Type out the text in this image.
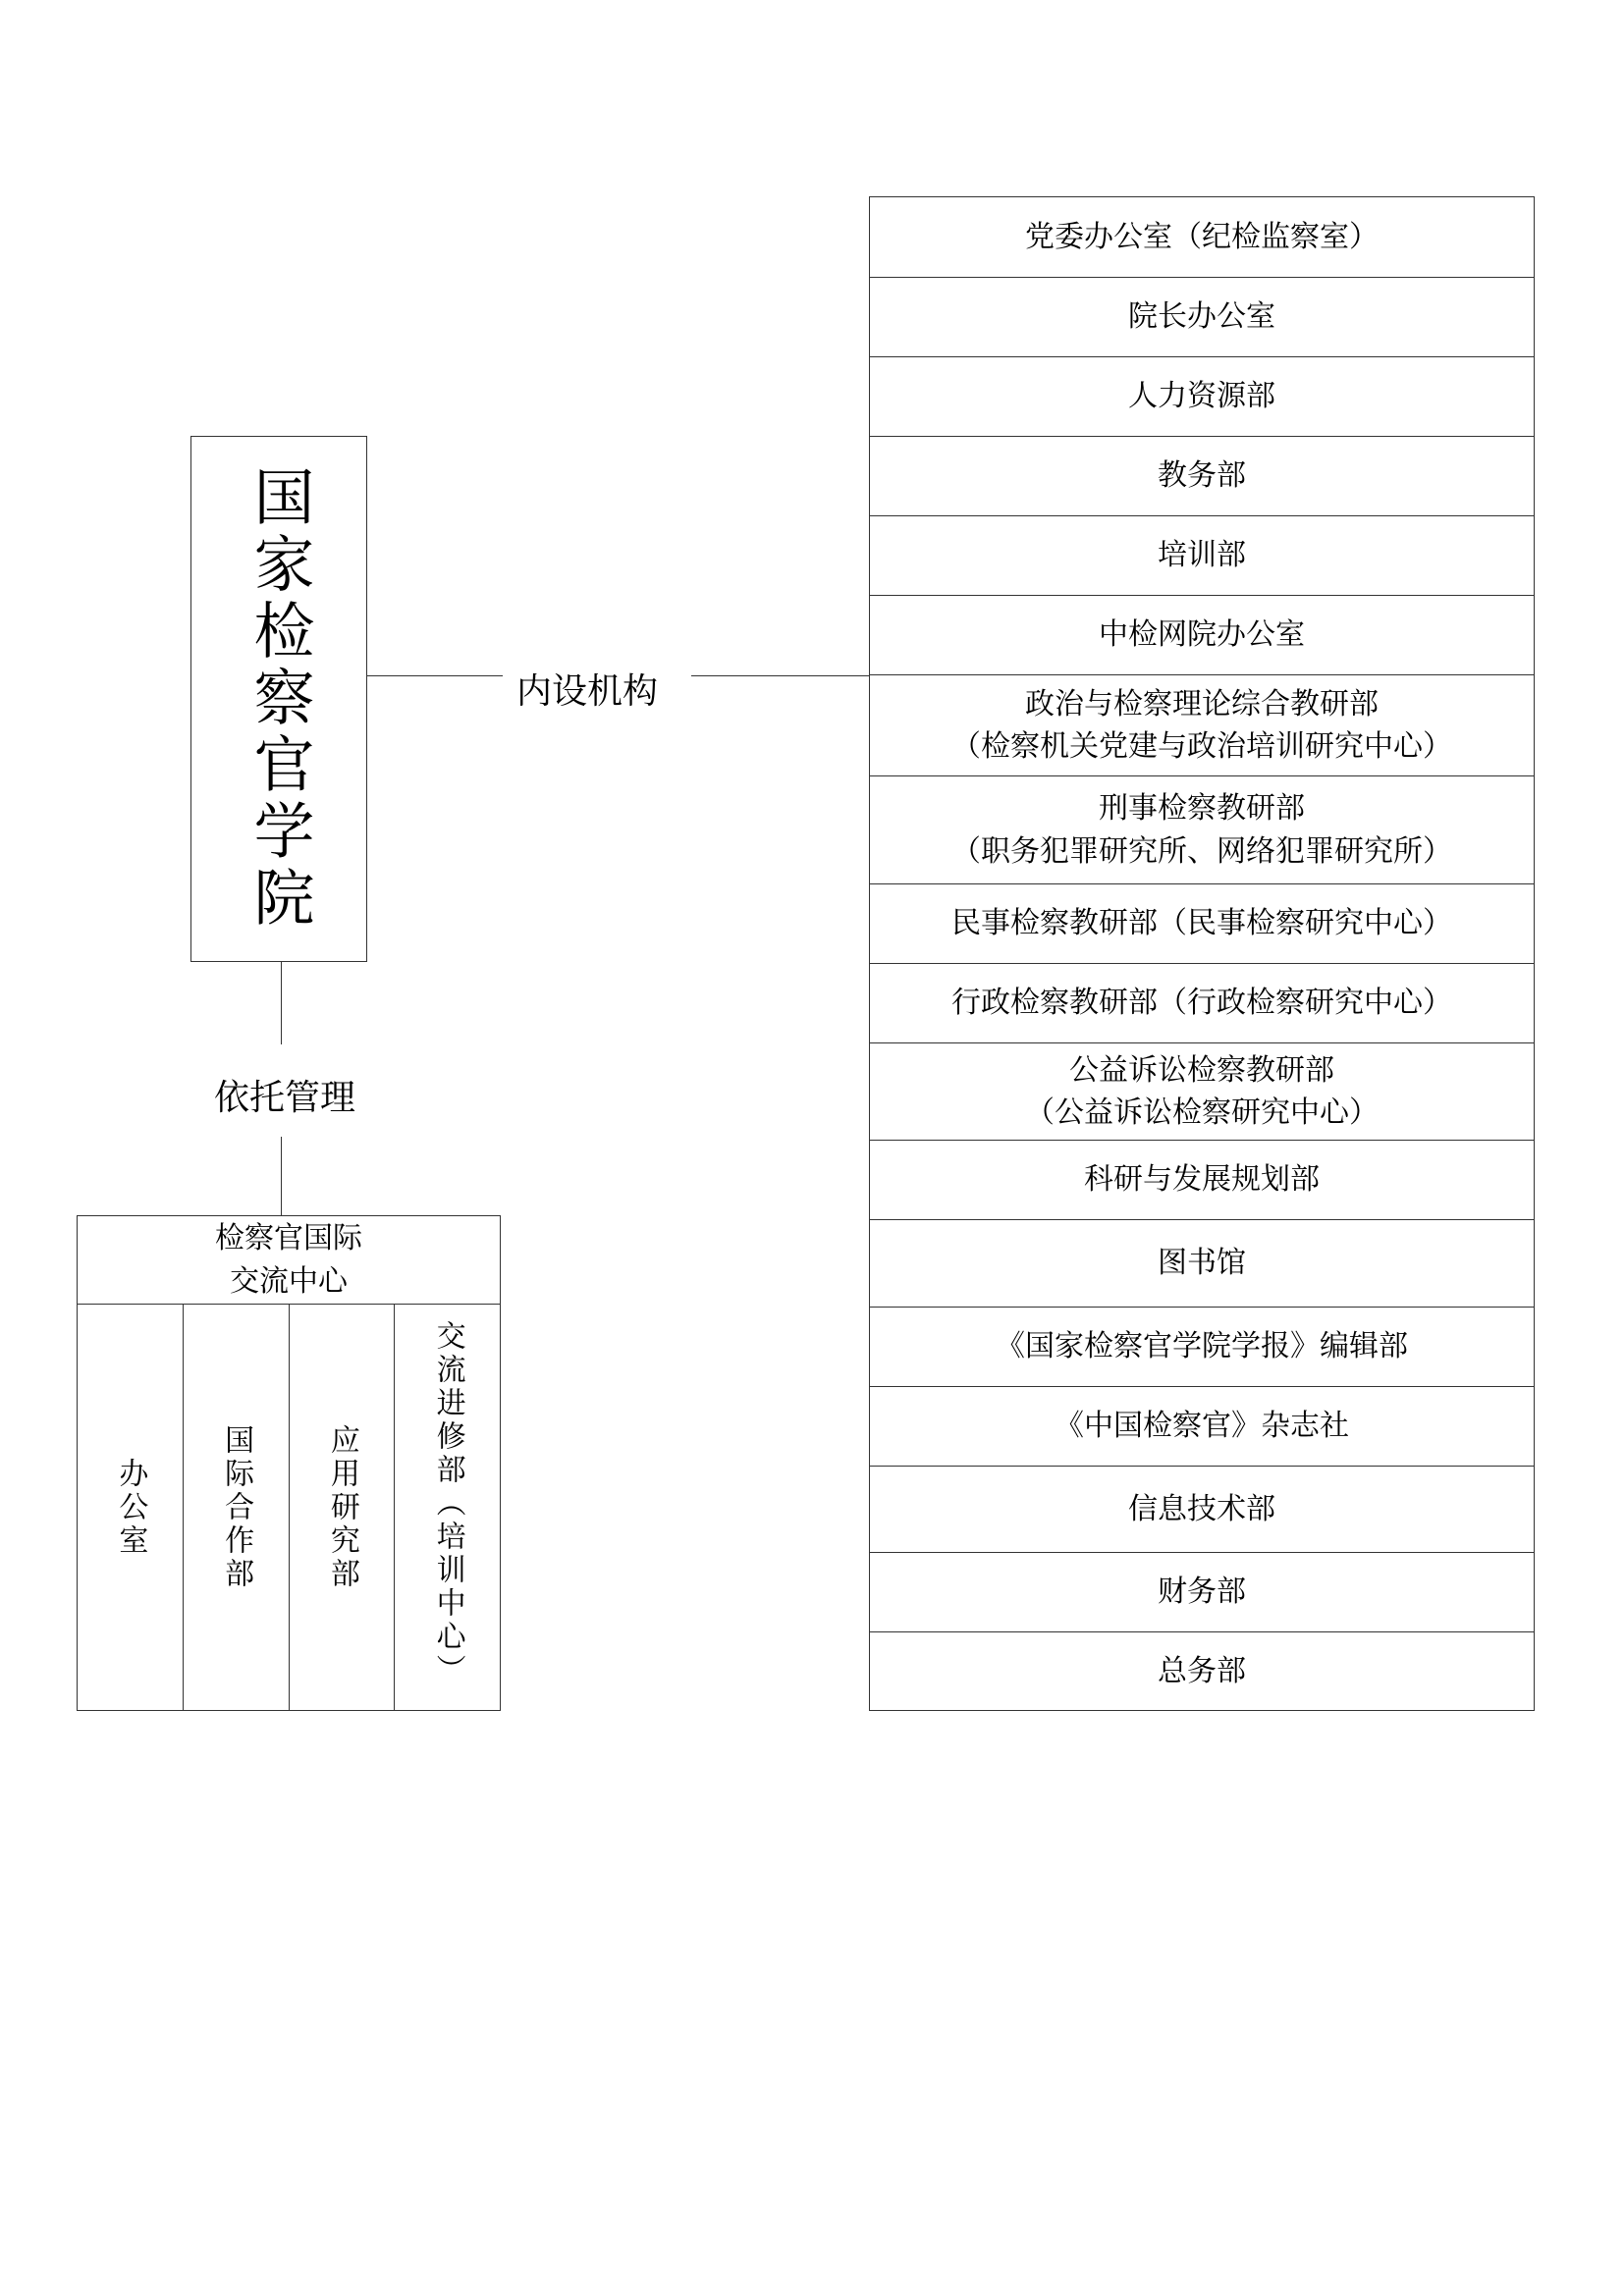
国家检察官学院	内设机构
依托管理
党委办公室（纪检监察室）
院长办公室
人力资源部
教务部
培训部
中检网院办公室
政治与检察理论综合教研部
（检察机关党建与政治培训研究中心）
刑事检察教研部
（职务犯罪研究所、网络犯罪研究所）
民事检察教研部（民事检察研究中心）
行政检察教研部（行政检察研究中心）
公益诉讼检察教研部
（公益诉讼检察研究中心）
科研与发展规划部
图书馆
《国家检察官学院学报》编辑部
《中国检察官》杂志社
信息技术部
财务部
总务部
检察官国际
交流中心
办公室 国际合作部 应用研究部 交流进修部（培训中心）
